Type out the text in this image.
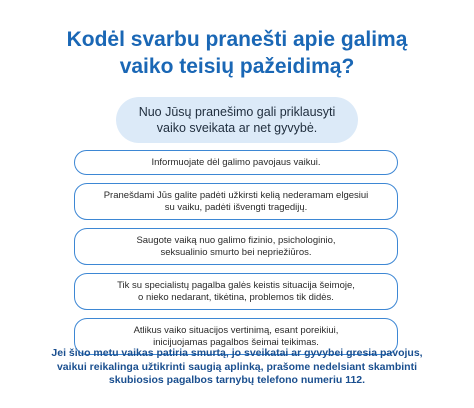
Kodėl svarbu pranešti apie galimą
vaiko teisių pažeidimą?
Nuo Jūsų pranešimo gali priklausyti
vaiko sveikata ar net gyvybė.
Informuojate dėl galimo pavojaus vaikui.
Pranešdami Jūs galite padėti užkirsti kelią nederamam elgesiui
su vaiku, padėti išvengti tragedijų.
Saugote vaiką nuo galimo fizinio, psichologinio,
seksualinio smurto bei nepriežiūros.
Tik su specialistų pagalba galės keistis situacija šeimoje,
o nieko nedarant, tikėtina, problemos tik didės.
Atlikus vaiko situacijos vertinimą, esant poreikiui,
inicijuojamas pagalbos šeimai teikimas.
Jei šiuo metu vaikas patiria smurtą, jo sveikatai ar gyvybei gresia pavojus,
vaikui reikalinga užtikrinti saugią aplinką, prašome nedelsiant skambinti
skubiosios pagalbos tarnybų telefono numeriu 112.
